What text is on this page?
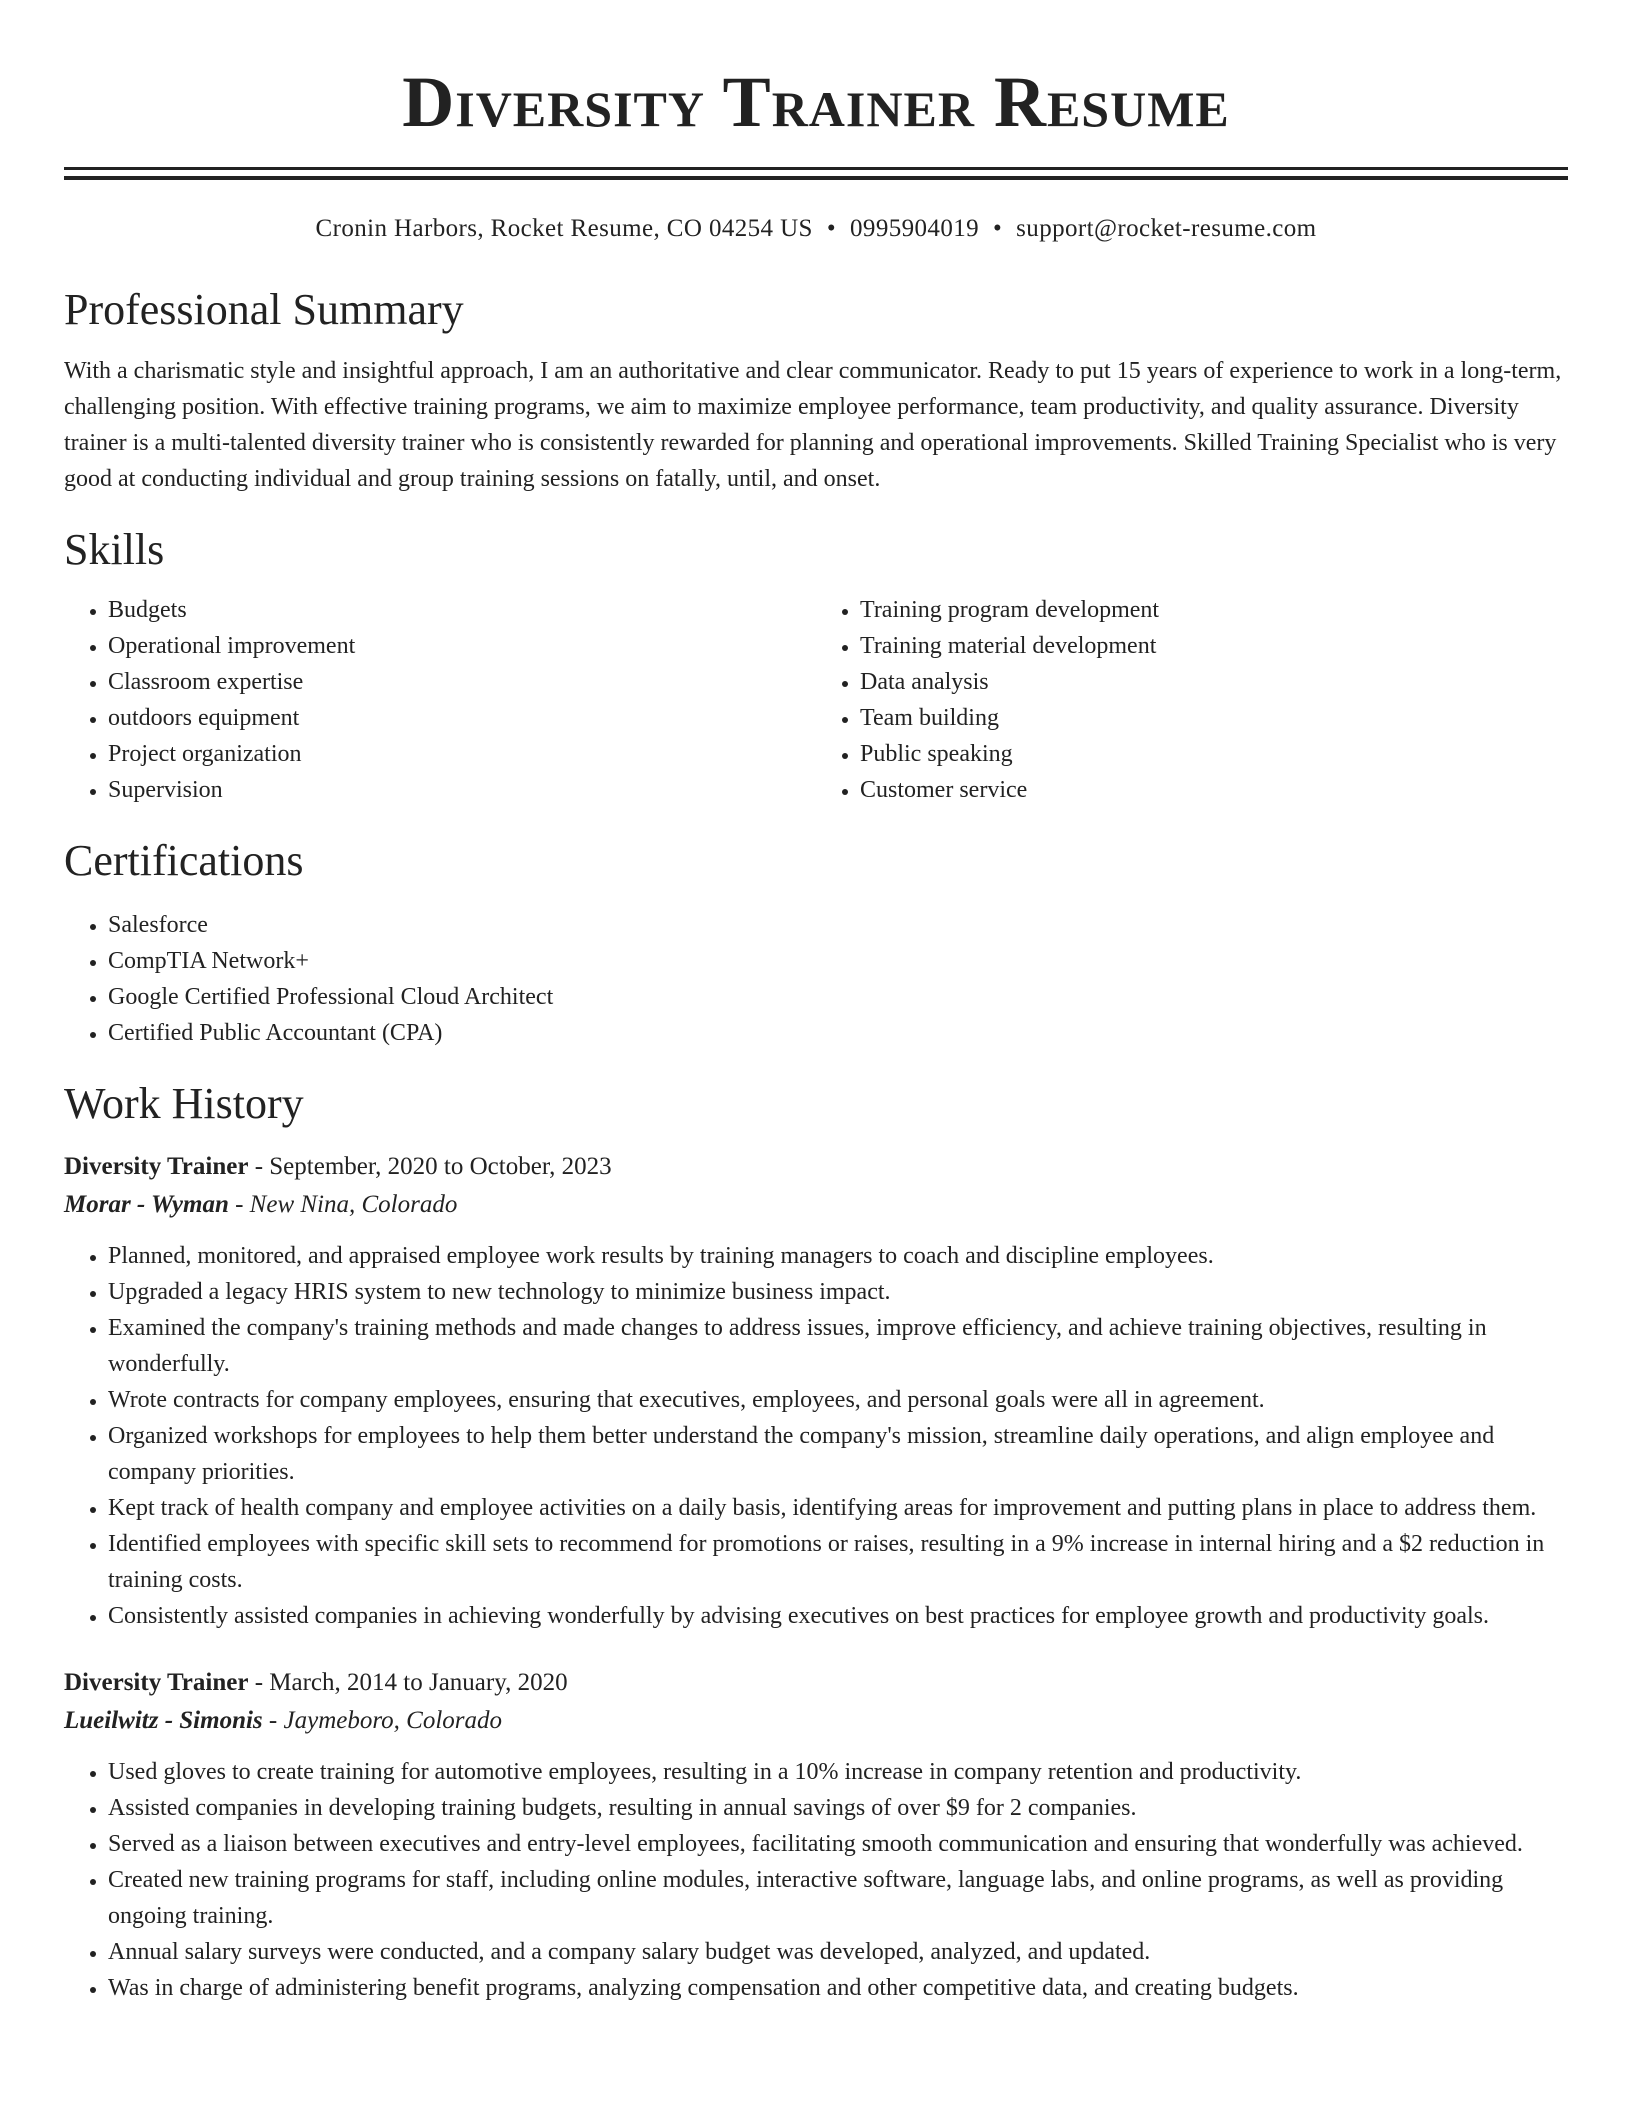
Diversity Trainer Resume
Cronin Harbors, Rocket Resume, CO 04254 US • 0995904019 • support@rocket-resume.com
Professional Summary

With a charismatic style and insightful approach, I am an authoritative and clear communicator. Ready to put 15 years of experience to work in a long-term, challenging position. With effective training programs, we aim to maximize employee performance, team productivity, and quality assurance. Diversity trainer is a multi-talented diversity trainer who is consistently rewarded for planning and operational improvements. Skilled Training Specialist who is very good at conducting individual and group training sessions on fatally, until, and onset.

Skills
• Budgets
• Operational improvement
• Classroom expertise
• outdoors equipment
• Project organization
• Supervision
• Training program development
• Training material development
• Data analysis
• Team building
• Public speaking
• Customer service
Certifications
• Salesforce
• CompTIA Network+
• Google Certified Professional Cloud Architect
• Certified Public Accountant (CPA)
Work History
Diversity Trainer - September, 2020 to October, 2023
Morar - Wyman - New Nina, Colorado
• Planned, monitored, and appraised employee work results by training managers to coach and discipline employees.
• Upgraded a legacy HRIS system to new technology to minimize business impact.
• Examined the company's training methods and made changes to address issues, improve efficiency, and achieve training objectives, resulting in wonderfully.
• Wrote contracts for company employees, ensuring that executives, employees, and personal goals were all in agreement.
• Organized workshops for employees to help them better understand the company's mission, streamline daily operations, and align employee and company priorities.
• Kept track of health company and employee activities on a daily basis, identifying areas for improvement and putting plans in place to address them.
• Identified employees with specific skill sets to recommend for promotions or raises, resulting in a 9% increase in internal hiring and a $2 reduction in training costs.
• Consistently assisted companies in achieving wonderfully by advising executives on best practices for employee growth and productivity goals.
Diversity Trainer - March, 2014 to January, 2020
Lueilwitz - Simonis - Jaymeboro, Colorado
• Used gloves to create training for automotive employees, resulting in a 10% increase in company retention and productivity.
• Assisted companies in developing training budgets, resulting in annual savings of over $9 for 2 companies.
• Served as a liaison between executives and entry-level employees, facilitating smooth communication and ensuring that wonderfully was achieved.
• Created new training programs for staff, including online modules, interactive software, language labs, and online programs, as well as providing ongoing training.
• Annual salary surveys were conducted, and a company salary budget was developed, analyzed, and updated.
• Was in charge of administering benefit programs, analyzing compensation and other competitive data, and creating budgets.
